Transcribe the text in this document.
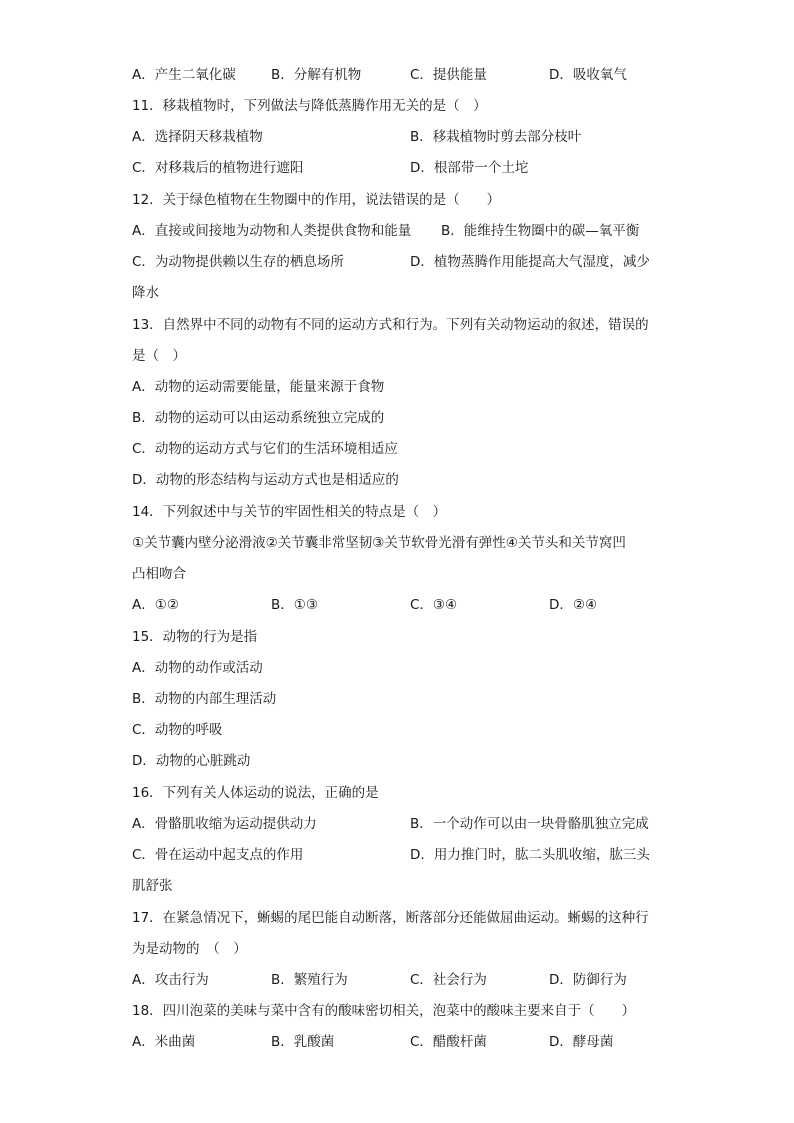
A．产生二氧化碳	B．分解有机物	C．提供能量	D．吸收氧气
11．移栽植物时，下列做法与降低蒸腾作用无关的是（　）
A．选择阴天移栽植物	B．移栽植物时剪去部分枝叶
C．对移栽后的植物进行遮阳	D．根部带一个土坨
12．关于绿色植物在生物圈中的作用，说法错误的是（　　）
A．直接或间接地为动物和人类提供食物和能量 B．能维持生物圈中的碳—氧平衡
C．为动物提供赖以生存的栖息场所	D．植物蒸腾作用能提高大气湿度，减少
降水
13．自然界中不同的动物有不同的运动方式和行为。下列有关动物运动的叙述，错误的
是（　）
A．动物的运动需要能量，能量来源于食物
B．动物的运动可以由运动系统独立完成的
C．动物的运动方式与它们的生活环境相适应
D．动物的形态结构与运动方式也是相适应的
14．下列叙述中与关节的牢固性相关的特点是（　）
①关节囊内壁分泌滑液②关节囊非常坚韧③关节软骨光滑有弹性④关节头和关节窝凹
凸相吻合
A．①②	B．①③	C．③④	D．②④
15．动物的行为是指
A．动物的动作或活动
B．动物的内部生理活动
C．动物的呼吸
D．动物的心脏跳动
16．下列有关人体运动的说法，正确的是
A．骨骼肌收缩为运动提供动力	B．一个动作可以由一块骨骼肌独立完成
C．骨在运动中起支点的作用	D．用力推门时，肱二头肌收缩，肱三头
肌舒张
17．在紧急情况下，蜥蜴的尾巴能自动断落，断落部分还能做屈曲运动。蜥蜴的这种行
为是动物的　（　）
A．攻击行为	B．繁殖行为	C．社会行为	D．防御行为
18．四川泡菜的美味与菜中含有的酸味密切相关，泡菜中的酸味主要来自于（　　）
A．米曲菌	B．乳酸菌	C．醋酸杆菌	D．酵母菌
